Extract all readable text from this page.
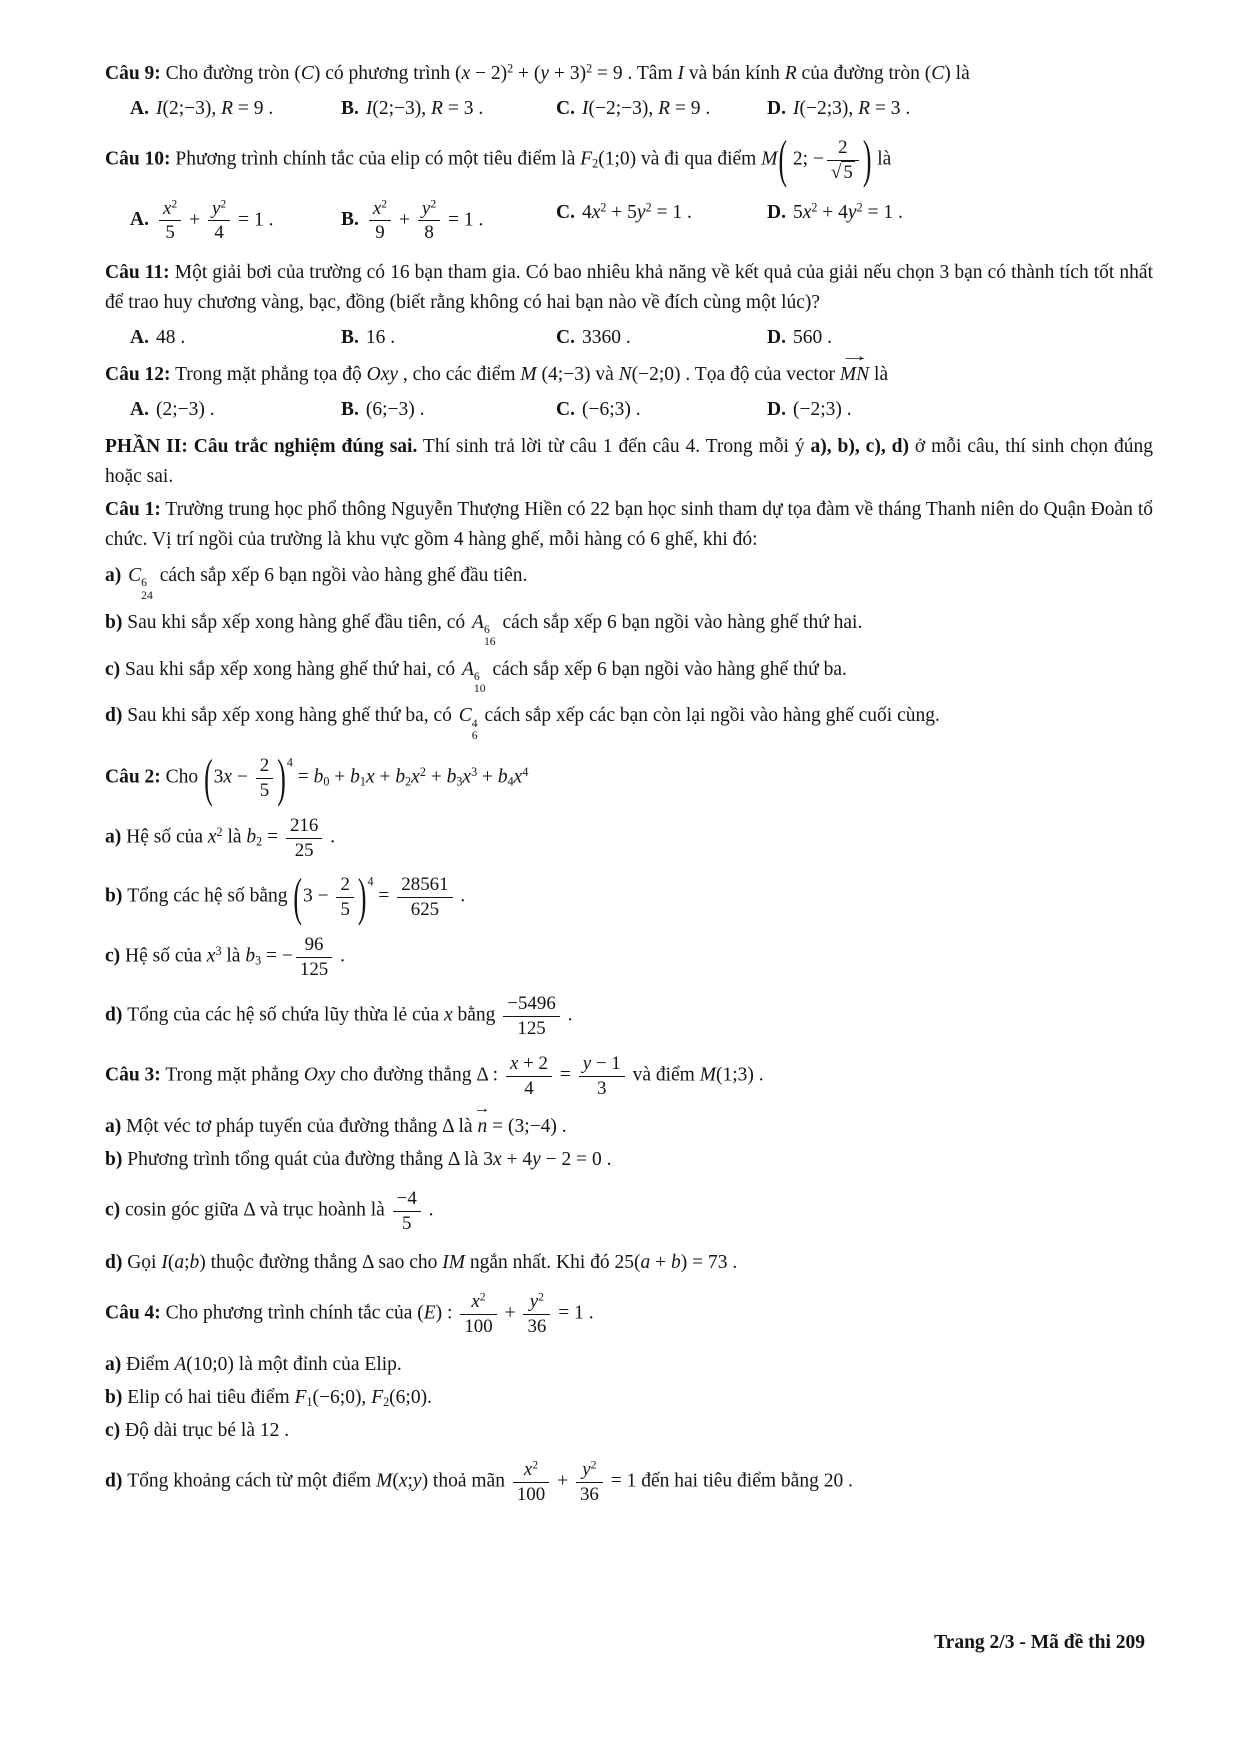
Câu 9: Cho đường tròn (C) có phương trình $(x - 2)^2 + (y + 3)^2 = 9$ . Tâm I và bán kính R của đường tròn (C) là
A. I(2;−3), R = 9 .	B. I(2;−3), R = 3 .	C. I(−2;−3), R = 9 .	D. I(−2;3), R = 3 .
Câu 10: Phương trình chính tắc của elip có một tiêu điểm là F2(1;0) và đi qua điểm M( 2; − $\frac{2}{√ 5}$ ) là
A. $\frac{x^2}{5} + \frac{y^2}{4} = 1$ .	B. $\frac{x^2}{9} + \frac{y^2}{8} = 1$ .	C. $4x^2 + 5y^2 = 1$ .	D. $5x^2 + 4y^2 = 1$ .
Câu 11: Một giải bơi của trường có 16 bạn tham gia. Có bao nhiêu khả năng về kết quả của giải nếu chọn 3 bạn có thành tích tốt nhất để trao huy chương vàng, bạc, đồng (biết rằng không có hai bạn nào về đích cùng một lúc)?
A. 48 .	B. 16 .	C. 3360 .	D. 560 .
Câu 12: Trong mặt phẳng tọa độ Oxy , cho các điểm M (4;−3) và N(−2;0) . Tọa độ của vector
→
MN là
A. (2;−3) .	B. (6;−3) .	C. (−6;3) .	D. (−2;3) .
PHẦN II: Câu trắc nghiệm đúng sai. Thí sinh trả lời từ câu 1 đến câu 4. Trong mỗi ý a), b), c), d) ở mỗi câu, thí sinh chọn đúng hoặc sai.
Câu 1: Trường trung học phổ thông Nguyễn Thượng Hiền có 22 bạn học sinh tham dự tọa đàm về tháng Thanh niên do Quận Đoàn tổ chức. Vị trí ngồi của trường là khu vực gồm 4 hàng ghế, mỗi hàng có 6 ghế, khi đó:
a) C 6
24
cách sắp xếp 6 bạn ngồi vào hàng ghế đầu tiên.
b) Sau khi sắp xếp xong hàng ghế đầu tiên, có A 6
16
cách sắp xếp 6 bạn ngồi vào hàng ghế thứ hai.
c) Sau khi sắp xếp xong hàng ghế thứ hai, có A 6
10
cách sắp xếp 6 bạn ngồi vào hàng ghế thứ ba.
d) Sau khi sắp xếp xong hàng ghế thứ ba, có C 4
6
cách sắp xếp các bạn còn lại ngồi vào hàng ghế cuối cùng.
Câu 2: Cho $(3x - \frac{2}{5} )^4 = b0 + b1x + b2x^2 + b3x^3 + b4x^4$
a) Hệ số của $x^2$ là $b2 = \frac{216}{25}$ .
b) Tổng các hệ số bằng $(3 - \frac{2}{5} )^4 = \frac{28561}{625}$ .
c) Hệ số của $x^3$ là b3 = − $\frac{96}{125}$ .
d) Tổng của các hệ số chứa lũy thừa lẻ của x bằng $\frac{-5496}{125}$ .
Câu 3: Trong mặt phẳng Oxy cho đường thẳng Δ : $\frac{x + 2}{4} = \frac{y - 1}{3}$ và điểm M(1;3) .
a) Một véc tơ pháp tuyến của đường thẳng Δ là
→
n = (3;−4) .
b) Phương trình tổng quát của đường thẳng Δ là 3x + 4y − 2 = 0 .
c) cosin góc giữa Δ và trục hoành là $\frac{-4}{5}$ .
d) Gọi I(a;b) thuộc đường thẳng Δ sao cho IM ngắn nhất. Khi đó 25(a + b) = 73 .
Câu 4: Cho phương trình chính tắc của (E) : $\frac{x^2}{100} + \frac{y^2}{36} = 1$ .
a) Điểm A(10;0) là một đỉnh của Elip.
b) Elip có hai tiêu điểm F1(−6;0), F2(6;0).
c) Độ dài trục bé là 12 .
d) Tổng khoảng cách từ một điểm M(x;y) thoả mãn $\frac{x^2}{100} + \frac{y^2}{36} = 1$ đến hai tiêu điểm bằng 20 .
Trang 2/3 - Mã đề thi 209
